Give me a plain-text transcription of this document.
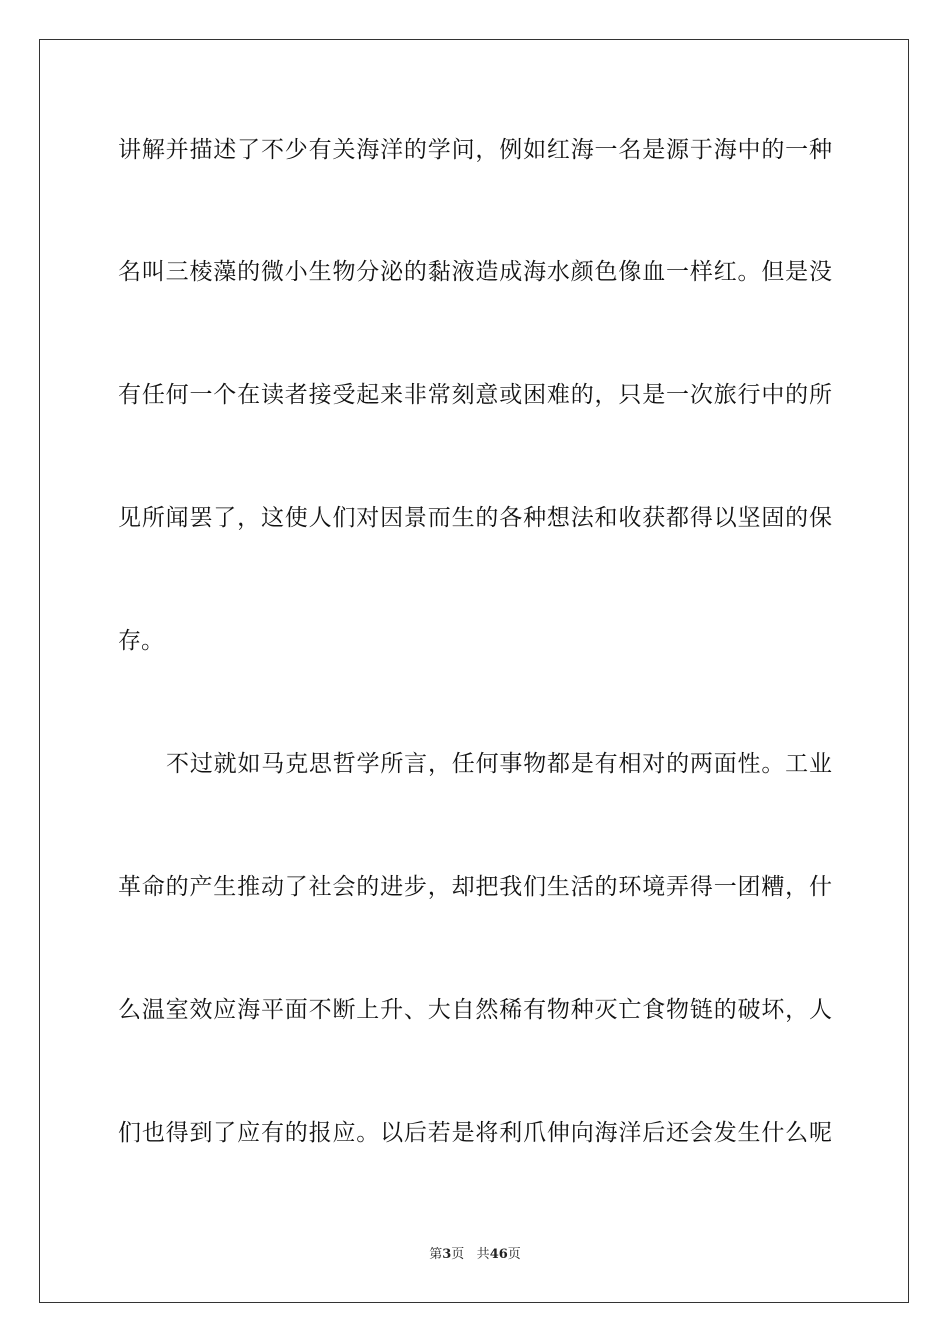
讲解并描述了不少有关海洋的学问，例如红海一名是源于海中的一种
名叫三棱藻的微小生物分泌的黏液造成海水颜色像血一样红。但是没
有任何一个在读者接受起来非常刻意或困难的，只是一次旅行中的所
见所闻罢了，这使人们对因景而生的各种想法和收获都得以坚固的保
存。
不过就如马克思哲学所言，任何事物都是有相对的两面性。工业
革命的产生推动了社会的进步，却把我们生活的环境弄得一团糟，什
么温室效应海平面不断上升、大自然稀有物种灭亡食物链的破坏，人
们也得到了应有的报应。以后若是将利爪伸向海洋后还会发生什么呢
第3页 共46页
